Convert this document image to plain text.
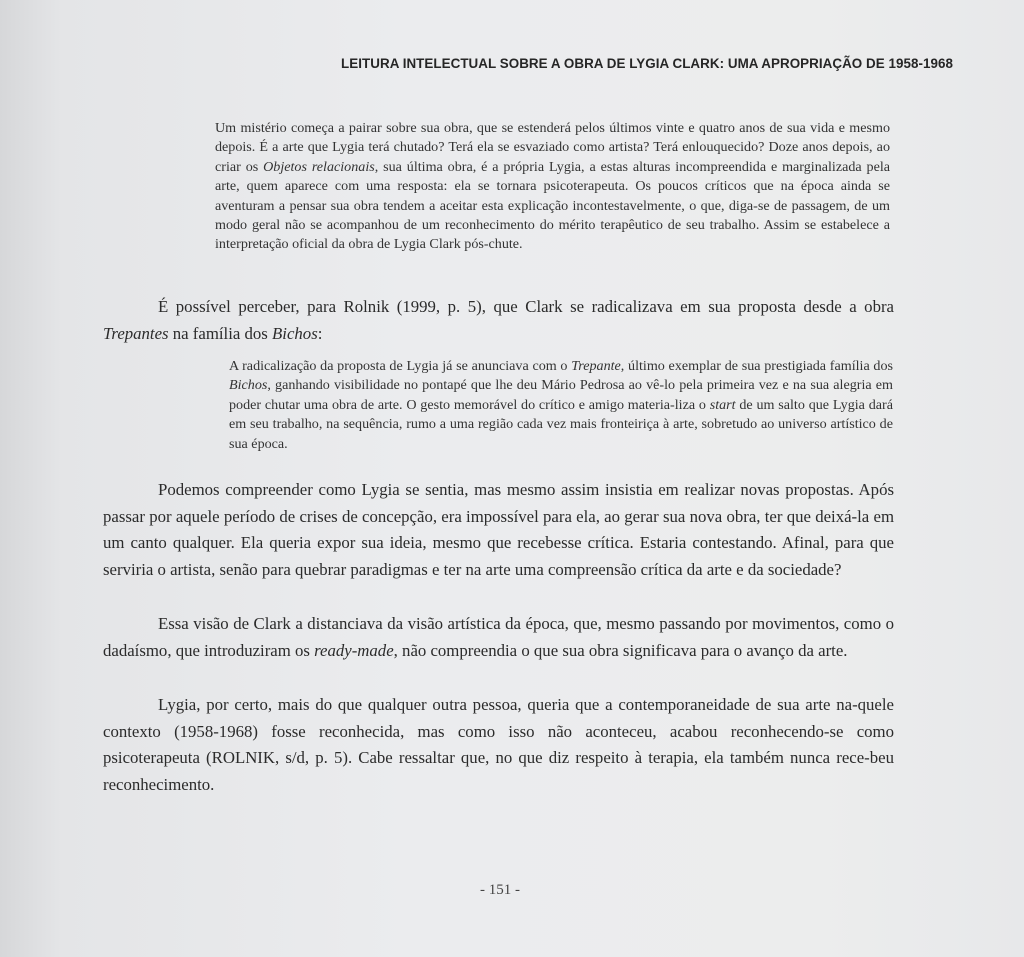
LEITURA INTELECTUAL SOBRE A OBRA DE LYGIA CLARK: UMA APROPRIAÇÃO DE 1958-1968
Um mistério começa a pairar sobre sua obra, que se estenderá pelos últimos vinte e quatro anos de sua vida e mesmo depois. É a arte que Lygia terá chutado? Terá ela se esvaziado como artista? Terá enlouquecido? Doze anos depois, ao criar os Objetos relacionais, sua última obra, é a própria Lygia, a estas alturas incompreendida e marginalizada pela arte, quem aparece com uma resposta: ela se tornara psicoterapeuta. Os poucos críticos que na época ainda se aventuram a pensar sua obra tendem a aceitar esta explicação incontestavelmente, o que, diga-se de passagem, de um modo geral não se acompanhou de um reconhecimento do mérito terapêutico de seu trabalho. Assim se estabelece a interpretação oficial da obra de Lygia Clark pós-chute.
É possível perceber, para Rolnik (1999, p. 5), que Clark se radicalizava em sua proposta desde a obra Trepantes na família dos Bichos:
A radicalização da proposta de Lygia já se anunciava com o Trepante, último exemplar de sua prestigiada família dos Bichos, ganhando visibilidade no pontapé que lhe deu Mário Pedrosa ao vê-lo pela primeira vez e na sua alegria em poder chutar uma obra de arte. O gesto memorável do crítico e amigo materia-liza o start de um salto que Lygia dará em seu trabalho, na sequência, rumo a uma região cada vez mais fronteiriça à arte, sobretudo ao universo artístico de sua época.
Podemos compreender como Lygia se sentia, mas mesmo assim insistia em realizar novas propostas. Após passar por aquele período de crises de concepção, era impossível para ela, ao gerar sua nova obra, ter que deixá-la em um canto qualquer. Ela queria expor sua ideia, mesmo que recebesse crítica. Estaria contestando. Afinal, para que serviria o artista, senão para quebrar paradigmas e ter na arte uma compreensão crítica da arte e da sociedade?
Essa visão de Clark a distanciava da visão artística da época, que, mesmo passando por movimentos, como o dadaísmo, que introduziram os ready-made, não compreendia o que sua obra significava para o avanço da arte.
Lygia, por certo, mais do que qualquer outra pessoa, queria que a contemporaneidade de sua arte na-quele contexto (1958-1968) fosse reconhecida, mas como isso não aconteceu, acabou reconhecendo-se como psicoterapeuta (ROLNIK, s/d, p. 5). Cabe ressaltar que, no que diz respeito à terapia, ela também nunca rece-beu reconhecimento.
- 151 -
